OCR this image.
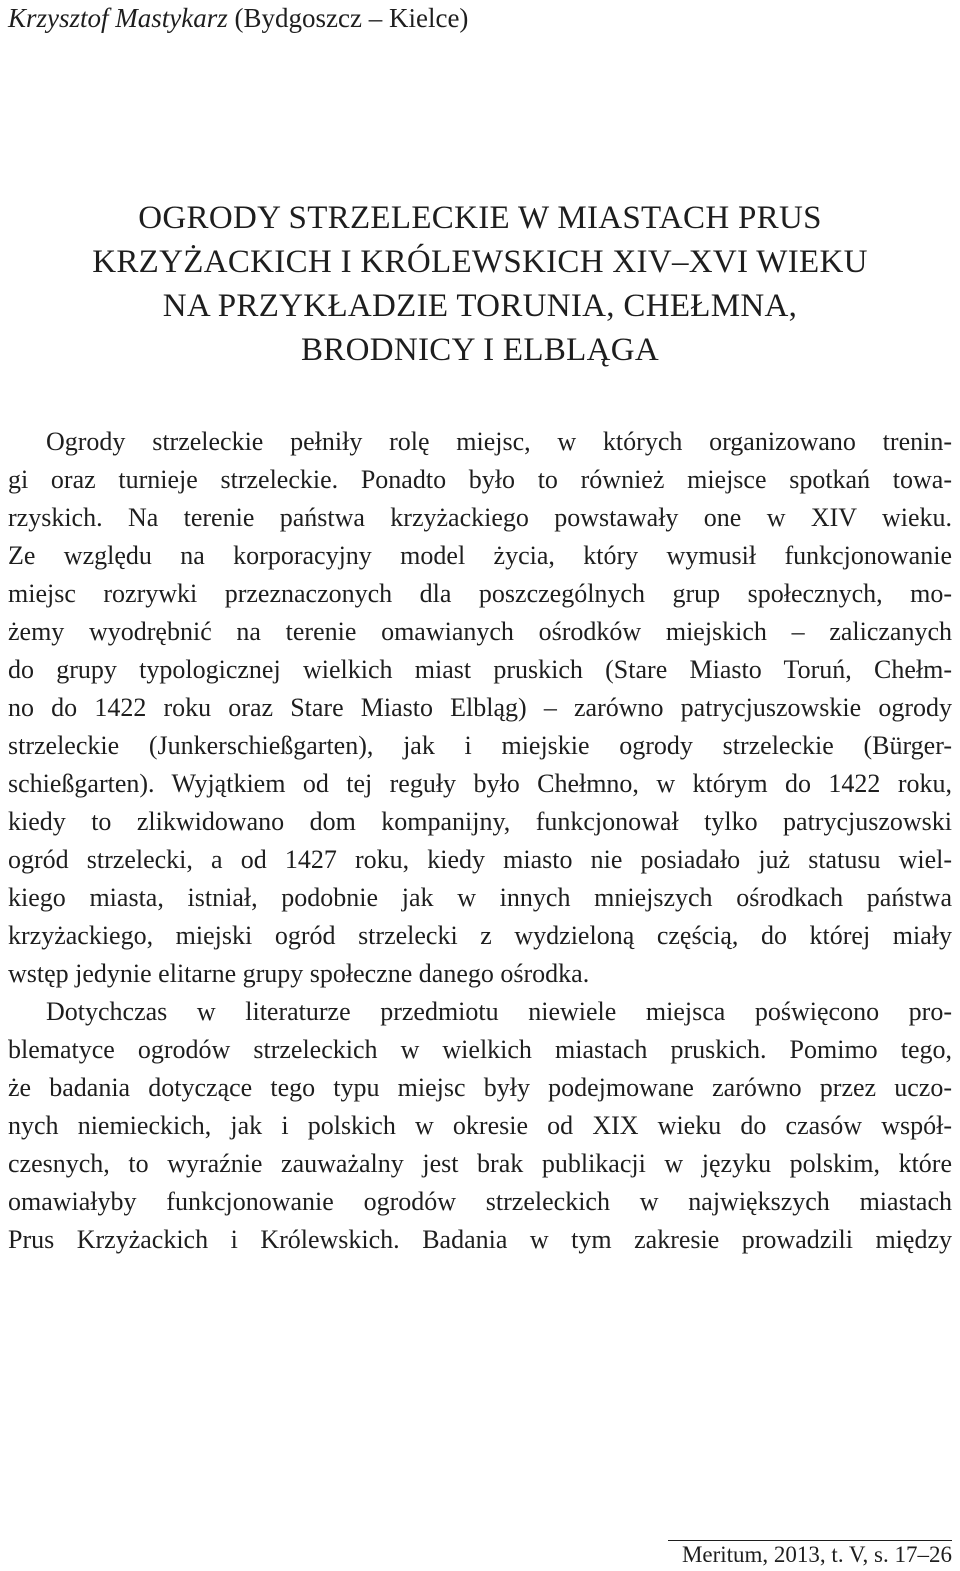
Krzysztof Mastykarz (Bydgoszcz – Kielce)
OGRODY STRZELECKIE W MIASTACH PRUS
KRZYŻACKICH I KRÓLEWSKICH XIV–XVI WIEKU
NA PRZYKŁADZIE TORUNIA, CHEŁMNA,
BRODNICY I ELBLĄGA
Ogrody strzeleckie pełniły rolę miejsc, w których organizowano trenin-
gi oraz turnieje strzeleckie. Ponadto było to również miejsce spotkań towa-
rzyskich. Na terenie państwa krzyżackiego powstawały one w XIV wieku.
Ze względu na korporacyjny model życia, który wymusił funkcjonowanie
miejsc rozrywki przeznaczonych dla poszczególnych grup społecznych, mo-
żemy wyodrębnić na terenie omawianych ośrodków miejskich – zaliczanych
do grupy typologicznej wielkich miast pruskich (Stare Miasto Toruń, Chełm-
no do 1422 roku oraz Stare Miasto Elbląg) – zarówno patrycjuszowskie ogrody
strzeleckie (Junkerschießgarten), jak i miejskie ogrody strzeleckie (Bürger-
schießgarten). Wyjątkiem od tej reguły było Chełmno, w którym do 1422 roku,
kiedy to zlikwidowano dom kompanijny, funkcjonował tylko patrycjuszowski
ogród strzelecki, a od 1427 roku, kiedy miasto nie posiadało już statusu wiel-
kiego miasta, istniał, podobnie jak w innych mniejszych ośrodkach państwa
krzyżackiego, miejski ogród strzelecki z wydzieloną częścią, do której miały
wstęp jedynie elitarne grupy społeczne danego ośrodka.
Dotychczas w literaturze przedmiotu niewiele miejsca poświęcono pro-
blematyce ogrodów strzeleckich w wielkich miastach pruskich. Pomimo tego,
że badania dotyczące tego typu miejsc były podejmowane zarówno przez uczo-
nych niemieckich, jak i polskich w okresie od XIX wieku do czasów współ-
czesnych, to wyraźnie zauważalny jest brak publikacji w języku polskim, które
omawiałyby funkcjonowanie ogrodów strzeleckich w największych miastach
Prus Krzyżackich i Królewskich. Badania w tym zakresie prowadzili między
Meritum, 2013, t. V, s. 17–26
